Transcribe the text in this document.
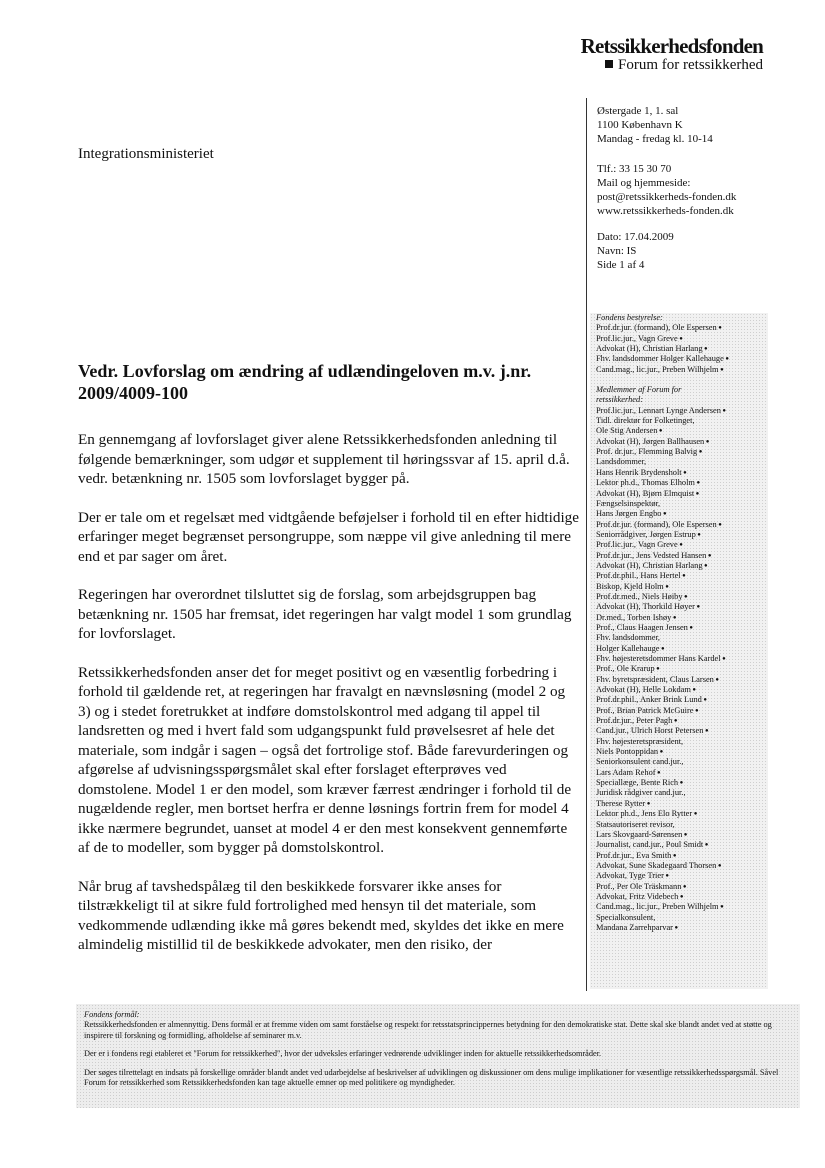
Retssikkerhedsfonden
Forum for retssikkerhed
Integrationsministeriet
Østergade 1, 1. sal
1100 København K
Mandag - fredag kl. 10-14
Tlf.: 33 15 30 70
Mail og hjemmeside:
post@retssikkerheds-fonden.dk
www.retssikkerheds-fonden.dk
Dato: 17.04.2009
Navn: IS
Side 1 af 4
Fondens bestyrelse:
Prof.dr.jur. (formand), Ole Espersen ●
Prof.lic.jur., Vagn Greve ●
Advokat (H), Christian Harlang ●
Fhv. landsdommer Holger Kallehauge ●
Cand.mag., lic.jur., Preben Wilhjelm ●
Medlemmer af Forum for
retssikkerhed:
Prof.lic.jur., Lennart Lynge Andersen ●
Tidl. direktør for Folketinget,
Ole Stig Andersen ●
Advokat (H), Jørgen Ballhausen ●
Prof. dr.jur., Flemming Balvig ●
Landsdommer,
Hans Henrik Brydensholt ●
Lektor ph.d., Thomas Elholm ●
Advokat (H), Bjørn Elmquist ●
Fængselsinspektør,
Hans Jørgen Engbo ●
Prof.dr.jur. (formand), Ole Espersen ●
Seniorrådgiver, Jørgen Estrup ●
Prof.lic.jur., Vagn Greve ●
Prof.dr.jur., Jens Vedsted Hansen ●
Advokat (H), Christian Harlang ●
Prof.dr.phil., Hans Hertel ●
Biskop, Kjeld Holm ●
Prof.dr.med., Niels Høiby ●
Advokat (H), Thorkild Høyer ●
Dr.med., Torben Ishøy ●
Prof., Claus Haagen Jensen ●
Fhv. landsdommer,
Holger Kallehauge ●
Fhv. højesteretsdommer Hans Kardel ●
Prof., Ole Krarup ●
Fhv. byretspræsident, Claus Larsen ●
Advokat (H), Helle Lokdam ●
Prof.dr.phil., Anker Brink Lund ●
Prof., Brian Patrick McGuire ●
Prof.dr.jur., Peter Pagh ●
Cand.jur., Ulrich Horst Petersen ●
Fhv. højesteretspræsident,
Niels Pontoppidan ●
Seniorkonsulent cand.jur.,
Lars Adam Rehof ●
Speciallæge, Bente Rich ●
Juridisk rådgiver cand.jur.,
Therese Rytter ●
Lektor ph.d., Jens Elo Rytter ●
Statsautoriseret revisor,
Lars Skovgaard-Sørensen ●
Journalist, cand.jur., Poul Smidt ●
Prof.dr.jur., Eva Smith ●
Advokat, Sune Skadegaard Thorsen ●
Advokat, Tyge Trier ●
Prof., Per Ole Träskmann ●
Advokat, Fritz Videbech ●
Cand.mag., lic.jur., Preben Wilhjelm ●
Specialkonsulent,
Mandana Zarrehparvar ●
Vedr. Lovforslag om ændring af udlændingeloven m.v. j.nr. 2009/4009-100

En gennemgang af lovforslaget giver alene Retssikkerhedsfonden anledning til følgende bemærkninger, som udgør et supplement til høringssvar af 15. april d.å. vedr. betænkning nr. 1505 som lovforslaget bygger på.

Der er tale om et regelsæt med vidtgående beføjelser i forhold til en efter hidtidige erfaringer meget begrænset persongruppe, som næppe vil give anledning til mere end et par sager om året.

Regeringen har overordnet tilsluttet sig de forslag, som arbejdsgruppen bag betænkning nr. 1505 har fremsat, idet regeringen har valgt model 1 som grundlag for lovforslaget.

Retssikkerhedsfonden anser det for meget positivt og en væsentlig forbedring i forhold til gældende ret, at regeringen har fravalgt en nævnsløsning (model 2 og 3) og i stedet foretrukket at indføre domstolskontrol med adgang til appel til landsretten og med i hvert fald som udgangspunkt fuld prøvelsesret af hele det materiale, som indgår i sagen – også det fortrolige stof. Både farevurderingen og afgørelse af udvisningsspørgsmålet skal efter forslaget efterprøves ved domstolene. Model 1 er den model, som kræver færrest ændringer i forhold til de nugældende regler, men bortset herfra er denne løsnings fortrin frem for model 4 ikke nærmere begrundet, uanset at model 4 er den mest konsekvent gennemførte af de to modeller, som bygger på domstolskontrol.

Når brug af tavshedspålæg til den beskikkede forsvarer ikke anses for tilstrækkeligt til at sikre fuld fortrolighed med hensyn til det materiale, som vedkommende udlænding ikke må gøres bekendt med, skyldes det ikke en mere almindelig mistillid til de beskikkede advokater, men den risiko, der

Fondens formål:
Retssikkerhedsfonden er almennyttig. Dens formål er at fremme viden om samt forståelse og respekt for retsstatsprincippernes betydning for den demokratiske stat. Dette skal ske blandt andet ved at støtte og inspirere til forskning og formidling, afholdelse af seminarer m.v.
Der er i fondens regi etableret et "Forum for retssikkerhed", hvor der udveksles erfaringer vedrørende udviklinger inden for aktuelle retssikkerhedsområder.
Der søges tilrettelagt en indsats på forskellige områder blandt andet ved udarbejdelse af beskrivelser af udviklingen og diskussioner om dens mulige implikationer for væsentlige retssikkerhedsspørgsmål. Såvel Forum for retssikkerhed som Retssikkerhedsfonden kan tage aktuelle emner op med politikere og myndigheder.
